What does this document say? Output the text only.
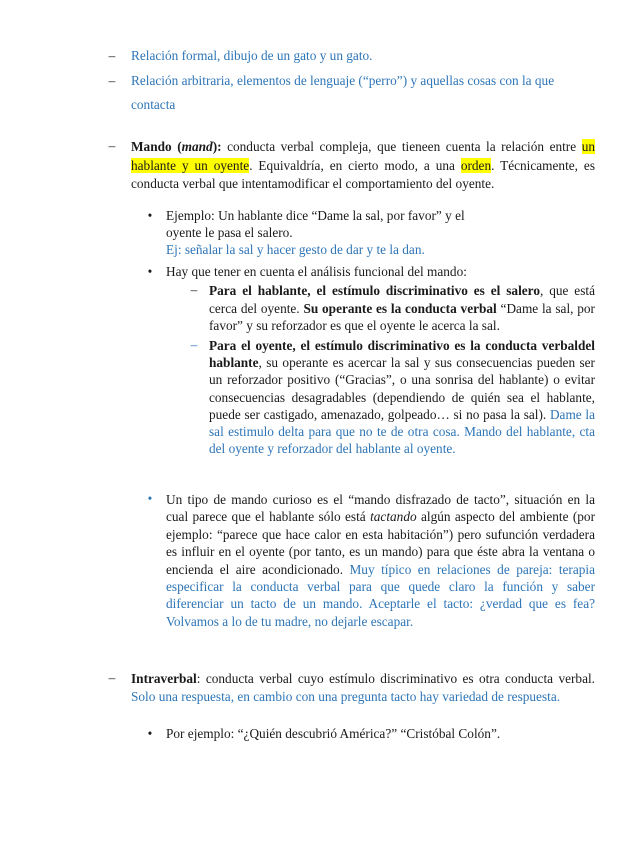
–	Relación formal, dibujo de un gato y un gato.
–	Relación arbitraria, elementos de lenguaje (“perro”) y aquellas cosas con la que
contacta
–	Mando (mand): conducta verbal compleja, que tieneen cuenta la relación entre un hablante y un oyente. Equivaldría, en cierto modo, a una orden. Técnicamente, es conducta verbal que intentamodificar el comportamiento del oyente.

• Ejemplo: Un hablante dice “Dame la sal, por favor” y el
oyente le pasa el salero.
Ej: señalar la sal y hacer gesto de dar y te la dan.
• Hay que tener en cuenta el análisis funcional del mando:
– Para el hablante, el estímulo discriminativo es el salero, que está cerca del oyente. Su operante es la conducta verbal “Dame la sal, por favor” y su reforzador es que el oyente le acerca la sal.

– Para el oyente, el estímulo discriminativo es la conducta verbaldel hablante, su operante es acercar la sal y sus consecuencias pueden ser un reforzador positivo (“Gracias”, o una sonrisa del hablante) o evitar consecuencias desagradables (dependiendo de quién sea el hablante, puede ser castigado, amenazado, golpeado… si no pasa la sal). Dame la sal estimulo delta para que no te de otra cosa. Mando del hablante, cta del oyente y reforzador del hablante al oyente.

• Un tipo de mando curioso es el “mando disfrazado de tacto”, situación en la cual parece que el hablante sólo está tactando algún aspecto del ambiente (por ejemplo: “parece que hace calor en esta habitación”) pero sufunción verdadera es influir en el oyente (por tanto, es un mando) para que éste abra la ventana o encienda el aire acondicionado. Muy típico en relaciones de pareja: terapia especificar la conducta verbal para que quede claro la función y saber diferenciar un tacto de un mando. Aceptarle el tacto: ¿verdad que es fea? Volvamos a lo de tu madre, no dejarle escapar.

–	Intraverbal: conducta verbal cuyo estímulo discriminativo es otra conducta verbal. Solo una respuesta, en cambio con una pregunta tacto hay variedad de respuesta.

• Por ejemplo: “¿Quién descubrió América?” “Cristóbal Colón”.
